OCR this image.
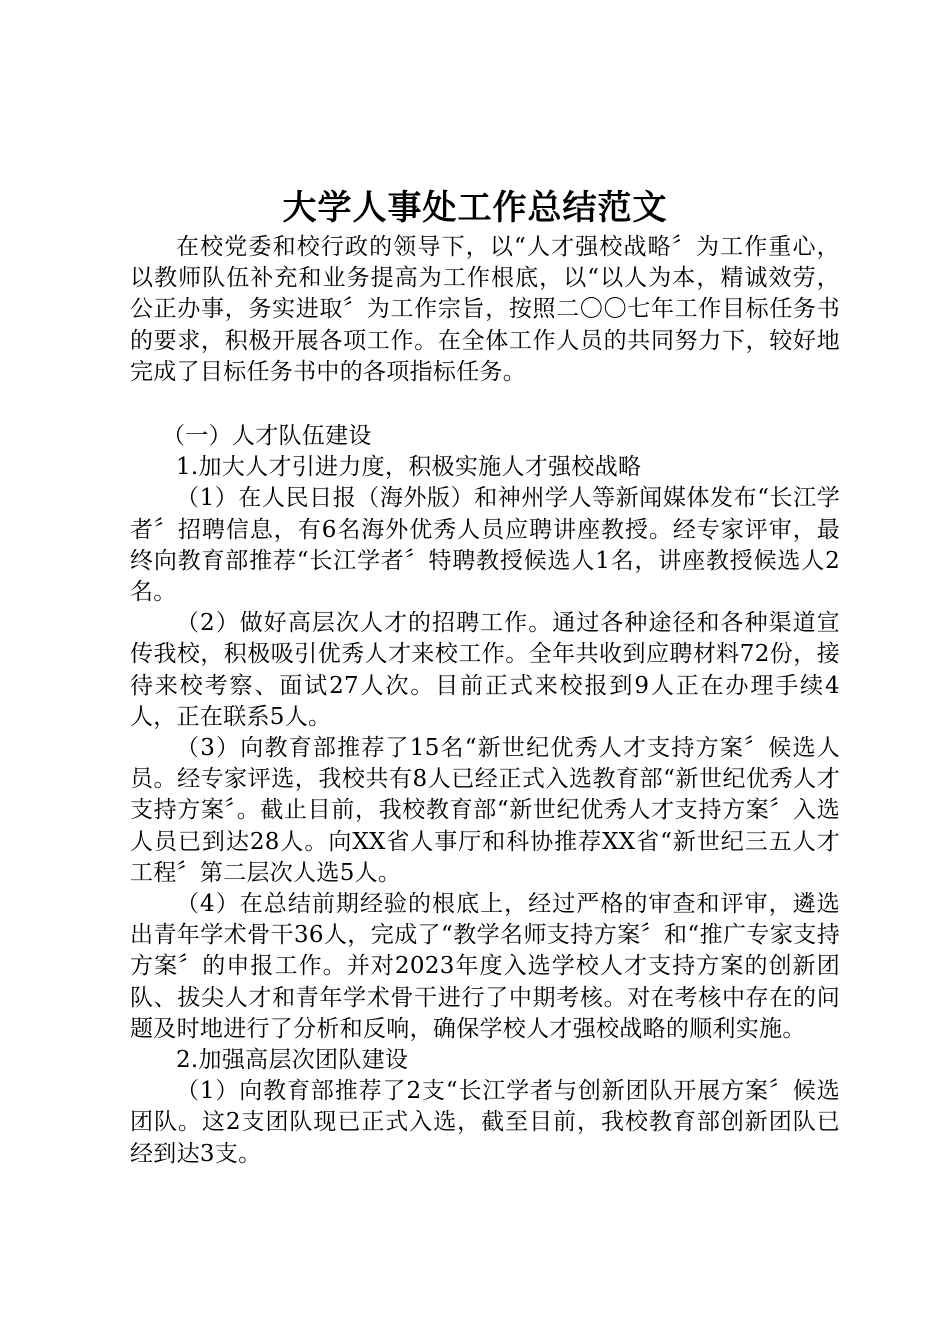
大学人事处工作总结范文

在校党委和校行政的领导下，以“人才强校战略〞为工作重心，以教师队伍补充和业务提高为工作根底，以“以人为本，精诚效劳，公正办事，务实进取〞为工作宗旨，按照二〇〇七年工作目标任务书的要求，积极开展各项工作。在全体工作人员的共同努力下，较好地完成了目标任务书中的各项指标任务。

（一）人才队伍建设

1.加大人才引进力度，积极实施人才强校战略

（1）在人民日报（海外版）和神州学人等新闻媒体发布“长江学者〞招聘信息，有6名海外优秀人员应聘讲座教授。经专家评审，最终向教育部推荐“长江学者〞特聘教授候选人1名，讲座教授候选人2名。

（2）做好高层次人才的招聘工作。通过各种途径和各种渠道宣传我校，积极吸引优秀人才来校工作。全年共收到应聘材料72份，接待来校考察、面试27人次。目前正式来校报到9人正在办理手续4人，正在联系5人。

（3）向教育部推荐了15名“新世纪优秀人才支持方案〞候选人员。经专家评选，我校共有8人已经正式入选教育部“新世纪优秀人才支持方案〞。截止目前，我校教育部“新世纪优秀人才支持方案〞入选人员已到达28人。向XX省人事厅和科协推荐XX省“新世纪三五人才工程〞第二层次人选5人。

（4）在总结前期经验的根底上，经过严格的审查和评审，遴选出青年学术骨干36人，完成了“教学名师支持方案〞和“推广专家支持方案〞的申报工作。并对2023年度入选学校人才支持方案的创新团队、拔尖人才和青年学术骨干进行了中期考核。对在考核中存在的问题及时地进行了分析和反响，确保学校人才强校战略的顺利实施。

2.加强高层次团队建设

（1）向教育部推荐了2支“长江学者与创新团队开展方案〞候选团队。这2支团队现已正式入选，截至目前，我校教育部创新团队已经到达3支。
